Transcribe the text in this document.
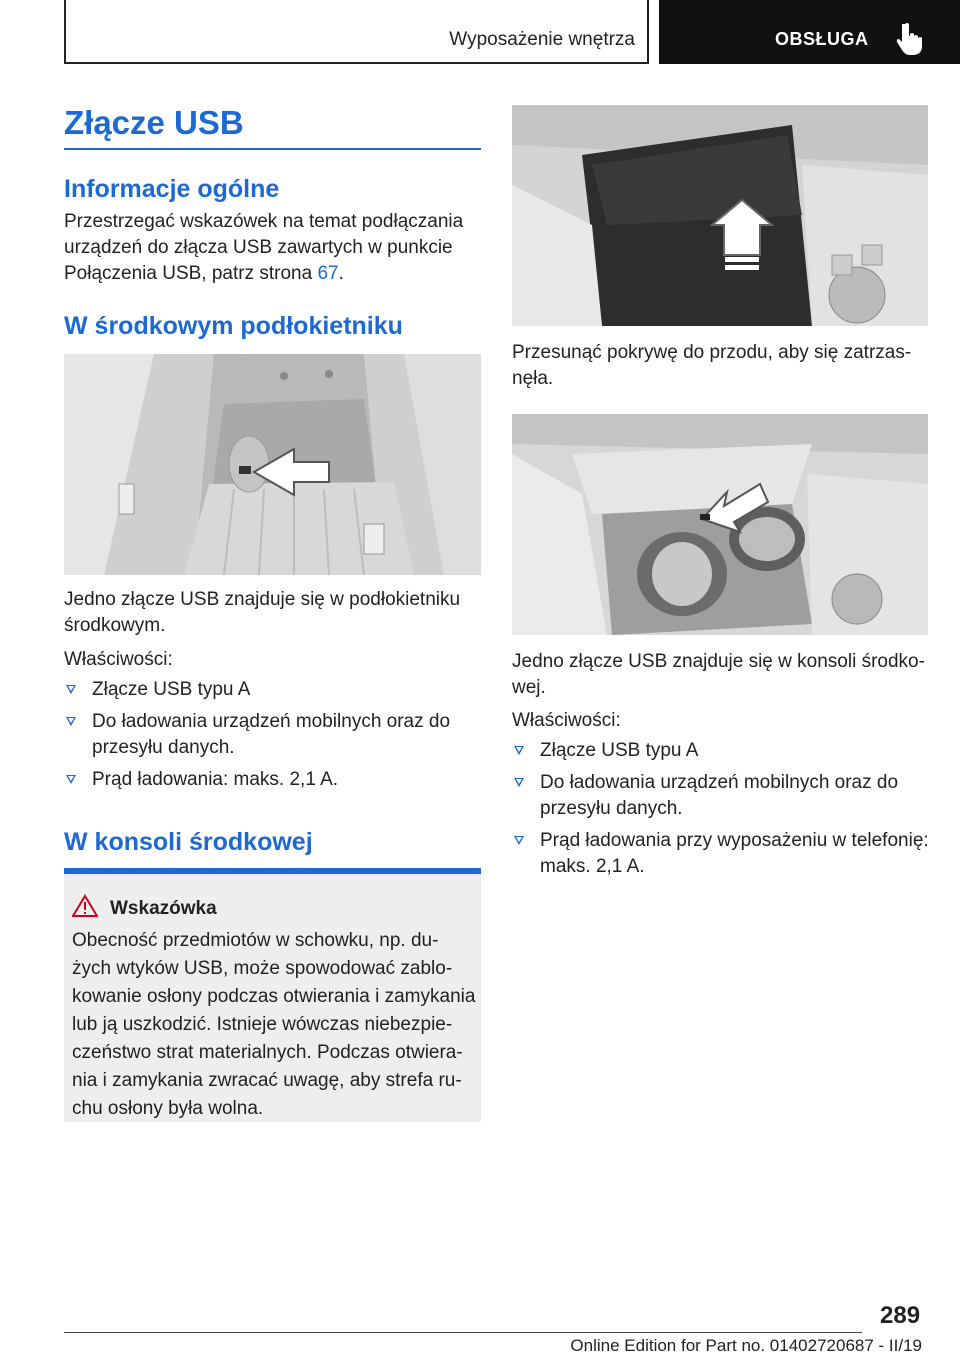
Wyposażenie wnętrza	OBSŁUGA
Złącze USB
Informacje ogólne
Przestrzegać wskazówek na temat podłączania
urządzeń do złącza USB zawartych w punkcie
Połączenia USB, patrz strona 67.
W środkowym podłokietniku
Jedno złącze USB znajduje się w podłokietniku
środkowym.
Właściwości:
Złącze USB typu A
Do ładowania urządzeń mobilnych oraz do
przesyłu danych.
Prąd ładowania: maks. 2,1 A.
W konsoli środkowej
Wskazówka
Obecność przedmiotów w schowku, np. du-
żych wtyków USB, może spowodować zablo-
kowanie osłony podczas otwierania i zamykania
lub ją uszkodzić. Istnieje wówczas niebezpie-
czeństwo strat materialnych. Podczas otwiera-
nia i zamykania zwracać uwagę, aby strefa ru-
chu osłony była wolna.
Przesunąć pokrywę do przodu, aby się zatrzas-
nęła.
Jedno złącze USB znajduje się w konsoli środko-
wej.
Właściwości:
Złącze USB typu A
Do ładowania urządzeń mobilnych oraz do
przesyłu danych.
Prąd ładowania przy wyposażeniu w telefonię:
maks. 2,1 A.
289
Online Edition for Part no. 01402720687 - II/19
